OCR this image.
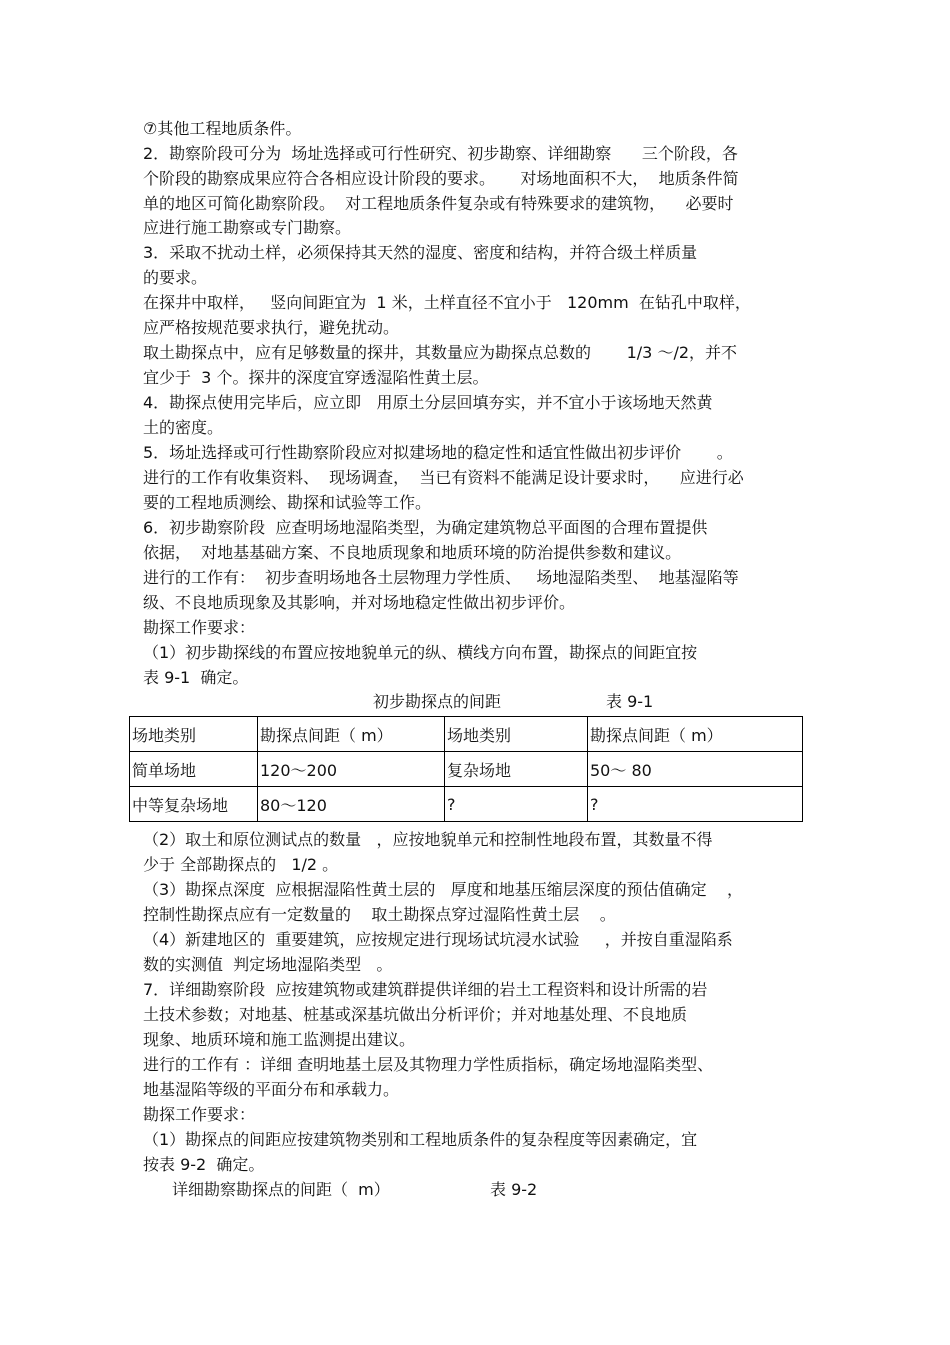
⑦其他工程地质条件。

2．勘察阶段可分为  场址选择或可行性研究、初步勘察、详细勘察      三个阶段，各

个阶段的勘察成果应符合各相应设计阶段的要求。     对场地面积不大，  地质条件简

单的地区可简化勘察阶段。  对工程地质条件复杂或有特殊要求的建筑物，    必要时

应进行施工勘察或专门勘察。

3．采取不扰动土样，必须保持其天然的湿度、密度和结构，并符合级土样质量

的要求。

在探井中取样，   竖向间距宜为  1 米，土样直径不宜小于   120mm  在钻孔中取样，

应严格按规范要求执行，避免扰动。

取土勘探点中，应有足够数量的探井，其数量应为勘探点总数的       1/3 ～/2，并不

宜少于  3 个。探井的深度宜穿透湿陷性黄土层。

4．勘探点使用完毕后，应立即   用原土分层回填夯实，并不宜小于该场地天然黄

土的密度。

5．场址选择或可行性勘察阶段应对拟建场地的稳定性和适宜性做出初步评价       。

进行的工作有收集资料、  现场调查，  当已有资料不能满足设计要求时，    应进行必

要的工程地质测绘、勘探和试验等工作。

6．初步勘察阶段  应查明场地湿陷类型，为确定建筑物总平面图的合理布置提供

依据，  对地基基础方案、不良地质现象和地质环境的防治提供参数和建议。

进行的工作有：  初步查明场地各土层物理力学性质、   场地湿陷类型、  地基湿陷等

级、不良地质现象及其影响，并对场地稳定性做出初步评价。

勘探工作要求：

（1）初步勘探线的布置应按地貌单元的纵、横线方向布置，勘探点的间距宜按

表 9-1  确定。

初步勘探点的间距	表 9-1
场地类别	勘探点间距（ m）	场地类别	勘探点间距（ m）
简单场地	120～200	复杂场地	50～ 80
中等复杂场地	80～120	?	?

（2）取土和原位测试点的数量   ，应按地貌单元和控制性地段布置，其数量不得

少于 全部勘探点的   1/2 。

（3）勘探点深度  应根据湿陷性黄土层的   厚度和地基压缩层深度的预估值确定    ，

控制性勘探点应有一定数量的    取土勘探点穿过湿陷性黄土层    。

（4）新建地区的  重要建筑，应按规定进行现场试坑浸水试验     ，并按自重湿陷系

数的实测值  判定场地湿陷类型   。

7．详细勘察阶段  应按建筑物或建筑群提供详细的岩土工程资料和设计所需的岩

土技术参数；对地基、桩基或深基坑做出分析评价；并对地基处理、不良地质

现象、地质环境和施工监测提出建议。

进行的工作有 ：详细 查明地基土层及其物理力学性质指标，确定场地湿陷类型、

地基湿陷等级的平面分布和承载力。

勘探工作要求：

（1）勘探点的间距应按建筑物类别和工程地质条件的复杂程度等因素确定，宜

按表 9-2  确定。

详细勘察勘探点的间距（  m）	表 9-2
